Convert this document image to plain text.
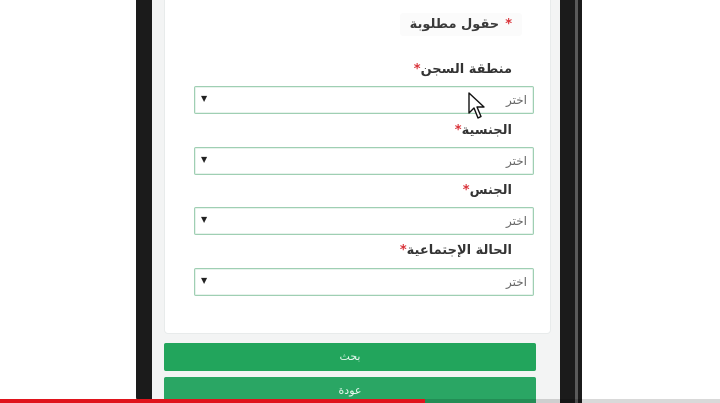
*حقول مطلوبة
منطقة السجن*
اختر
▼
الجنسية*
اختر
▼
الجنس*
اختر
▼
الحالة الإجتماعية*
اختر
▼
بحث
عودة
